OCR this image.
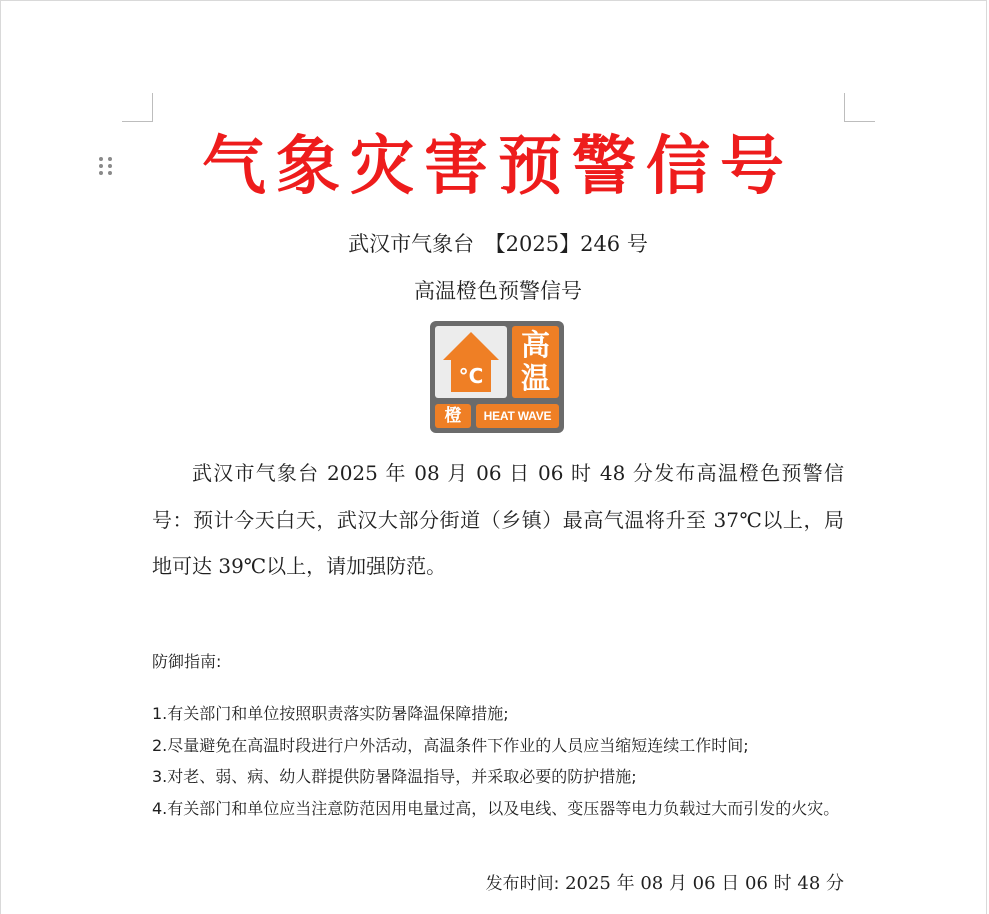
气象灾害预警信号
武汉市气象台　【2025】246 号
高温橙色预警信号
°C
高
温
橙	HEAT WAVE
武汉市气象台 2025 年 08 月 06 日 06 时 48 分发布高温橙色预警信号：预计今天白天，武汉大部分街道（乡镇）最高气温将升至 37℃以上，局地可达 39℃以上，请加强防范。
防御指南:
1.有关部门和单位按照职责落实防暑降温保障措施;
2.尽量避免在高温时段进行户外活动，高温条件下作业的人员应当缩短连续工作时间;
3.对老、弱、病、幼人群提供防暑降温指导，并采取必要的防护措施;
4.有关部门和单位应当注意防范因用电量过高，以及电线、变压器等电力负载过大而引发的火灾。
发布时间: 2025 年 08 月 06 日 06 时 48 分
